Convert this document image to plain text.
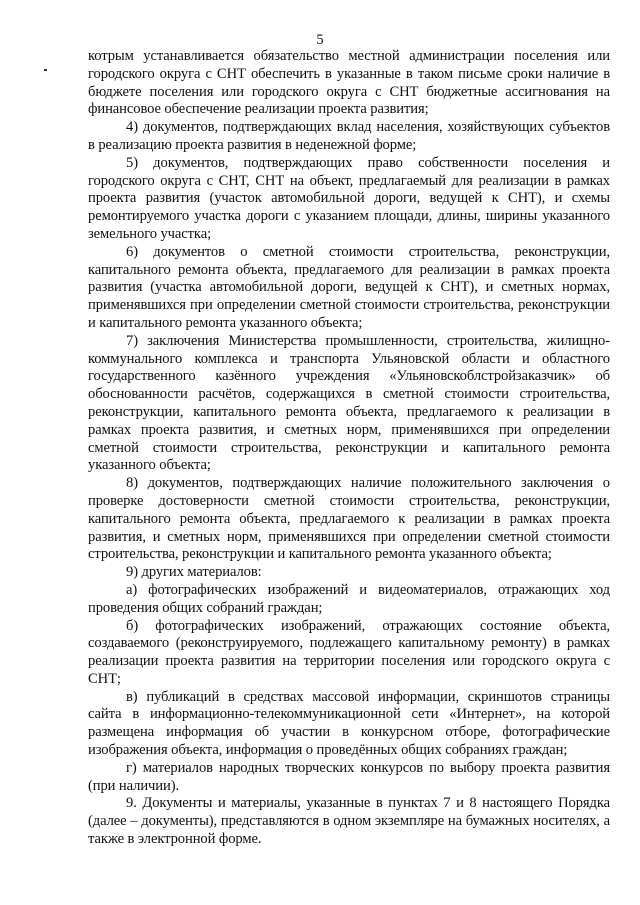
5

котрым устанавливается обязательство местной администрации поселения или городского округа с СНТ обеспечить в указанные в таком письме сроки наличие в бюджете поселения или городского округа с СНТ бюджетные ассигнования на финансовое обеспечение реализации проекта развития;

4) документов, подтверждающих вклад населения, хозяйствующих субъектов в реализацию проекта развития в неденежной форме;

5) документов, подтверждающих право собственности поселения и городского округа с СНТ, СНТ на объект, предлагаемый для реализации в рамках проекта развития (участок автомобильной дороги, ведущей к СНТ), и схемы ремонтируемого участка дороги с указанием площади, длины, ширины указанного земельного участка;

6) документов о сметной стоимости строительства, реконструкции, капитального ремонта объекта, предлагаемого для реализации в рамках проекта развития (участка автомобильной дороги, ведущей к СНТ), и сметных нормах, применявшихся при определении сметной стоимости строительства, реконструкции и капитального ремонта указанного объекта;

7) заключения Министерства промышленности, строительства, жилищно-коммунального комплекса и транспорта Ульяновской области и областного государственного казённого учреждения «Ульяновскоблстройзаказчик» об обоснованности расчётов, содержащихся в сметной стоимости строительства, реконструкции, капитального ремонта объекта, предлагаемого к реализации в рамках проекта развития, и сметных норм, применявшихся при определении сметной стоимости строительства, реконструкции и капитального ремонта указанного объекта;

8) документов, подтверждающих наличие положительного заключения о проверке достоверности сметной стоимости строительства, реконструкции, капитального ремонта объекта, предлагаемого к реализации в рамках проекта развития, и сметных норм, применявшихся при определении сметной стоимости строительства, реконструкции и капитального ремонта указанного объекта;

9) других материалов:

а) фотографических изображений и видеоматериалов, отражающих ход проведения общих собраний граждан;

б) фотографических изображений, отражающих состояние объекта, создаваемого (реконструируемого, подлежащего капитальному ремонту) в рамках реализации проекта развития на территории поселения или городского округа с СНТ;

в) публикаций в средствах массовой информации, скриншотов страницы сайта в информационно-телекоммуникационной сети «Интернет», на которой размещена информация об участии в конкурсном отборе, фотографические изображения объекта, информация о проведённых общих собраниях граждан;

г) материалов народных творческих конкурсов по выбору проекта развития (при наличии).

9. Документы и материалы, указанные в пунктах 7 и 8 настоящего Порядка (далее – документы), представляются в одном экземпляре на бумажных носителях, а также в электронной форме.
